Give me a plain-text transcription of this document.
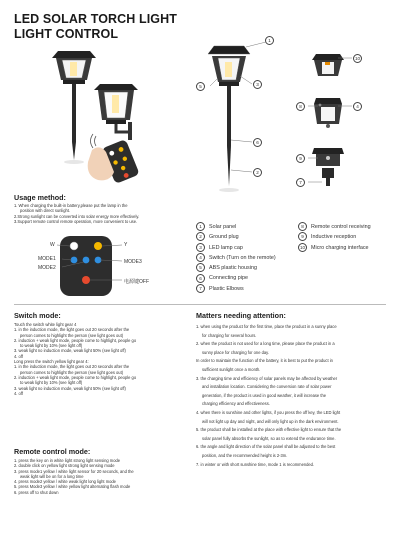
LED SOLAR TORCH LIGHT
LIGHT CONTROL	1
3
5
6
2
10
8	4
9
7
Usage method:
1. When charging the built-in battery,please put the lamp in the
position with direct sunlight.
2.Strong sunlight can be converted into solar energy more effectively.
3.Support remote control remote operation, more convenient to use.
W	Y
MODE1
MODE2
MODE3
电源键OFF
1 Solar panel
2 Ground plug
3 LED lamp cap
4 Switch (Turn on the remote)
5 ABS plastic housing
6 Connecting pipe
7 Plastic Elbows
8 Remote control receiving
9 Inductive reception
10 Micro charging interface
Switch mode:
Touch the switch white light gear 4
1. in the induction mode, the light goes out 20 seconds after the
person comes to highlight the person (see light goes out)
2. induction + weak light mode, people come to highlight, people go
to weak light by 10% (see light off)
3. weak light no induction mode, weak light 50% (see light off)
4. off
Long press the switch yellow light gear 4:
1. in the induction mode, the light goes out 20 seconds after the
person comes to highlight the person (see light goes out)
2. induction + weak light mode, people come to highlight, people go
to weak light by 10% (see light off)
3. weak light no induction mode, weak light 50% (see light off)
4. off
Remote control mode:
1. press the key on in white light strong light sensing mode
2. double click on yellow light strong light sensing mode
3. press mode1 yellow / white light sensor for 20 seconds, and the
weak light will be on for a long time
4. press mode2 yellow / white weak light long light mode
5. press Mode3 yellow / white yellow light alternating flash mode
6. press off to shut down
Matters needing attention:
1. when using the product for the first time, place the product in a sunny place
for charging for several hours.
2. when the product is not used for a long time, please place the product in a
sunny place for charging for one day.
In order to maintain the function of the battery, it is best to put the product in
sufficient sunlight once a month.
3. the charging time and efficiency of solar panels may be affected by weather
and installation location. Considering the conversion rate of solar power
generation, if the product is used in good weather, it will increase the
charging efficiency and effectiveness.
4. when there is sunshine and other lights, if you press the off key, the LED light
will not light up day and night, and will only light up in the dark environment.
5. the product shall be installed at the place with effective light to ensure that the
solar panel fully absorbs the sunlight, so as to extend the endurance time.
6. the angle and light direction of the solar panel shall be adjusted to the best
position, and the recommended height is 2-3m.
7. in winter or with short sunshine time, mode 1 is recommended.
